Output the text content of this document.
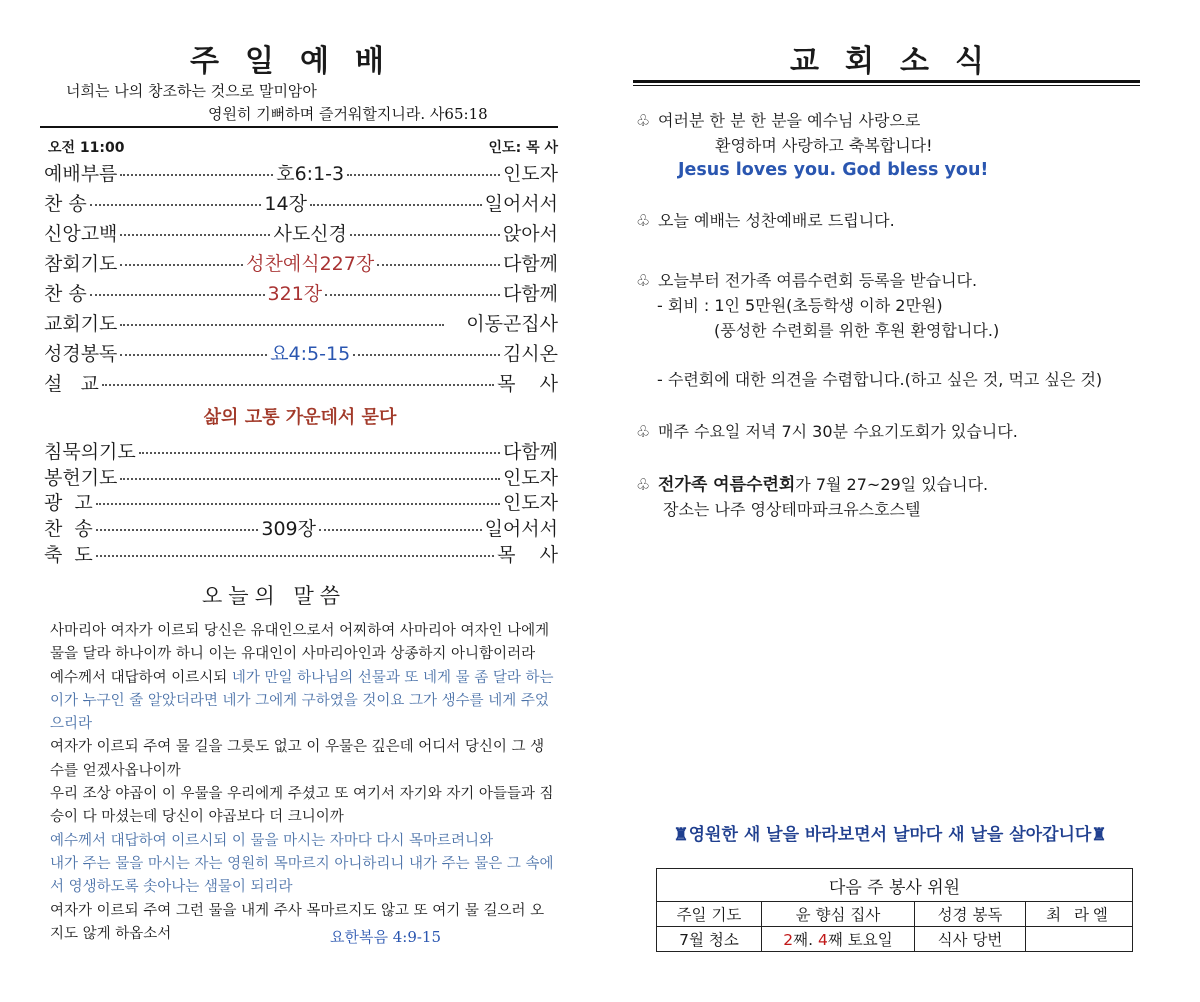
주일예배
너희는 나의 창조하는 것으로 말미암아
영원히 기뻐하며 즐거워할지니라. 사65:18
오전 11:00	인도: 목 사
예배부름	호6:1-3	인도자
찬 송	14장	일어서서
신앙고백	사도신경	앉아서
참회기도	성찬예식227장	다함께
찬 송	321장	다함께
교회기도	이동곤집사
성경봉독	요4:5-15	김시온
설   교	목    사
삶의 고통 가운데서 묻다
침묵의기도	다함께
봉헌기도	인도자
광  고	인도자
찬  송	309장	일어서서
축  도	목    사
오늘의 말씀
사마리아 여자가 이르되 당신은 유대인으로서 어찌하여 사마리아 여자인 나에게 물을 달라 하나이까 하니 이는 유대인이 사마리아인과 상종하지 아니함이러라
예수께서 대답하여 이르시되 네가 만일 하나님의 선물과 또 네게 물 좀 달라 하는 이가 누구인 줄 알았더라면 네가 그에게 구하였을 것이요 그가 생수를 네게 주었으리라
여자가 이르되 주여 물 길을 그릇도 없고 이 우물은 깊은데 어디서 당신이 그 생수를 얻겠사옵나이까
우리 조상 야곱이 이 우물을 우리에게 주셨고 또 여기서 자기와 자기 아들들과 짐승이 다 마셨는데 당신이 야곱보다 더 크니이까
예수께서 대답하여 이르시되 이 물을 마시는 자마다 다시 목마르려니와
내가 주는 물을 마시는 자는 영원히 목마르지 아니하리니 내가 주는 물은 그 속에서 영생하도록 솟아나는 샘물이 되리라
여자가 이르되 주여 그런 물을 내게 주사 목마르지도 않고 또 여기 물 길으러 오지도 않게 하옵소서	요한복음 4:9-15
교회소식
♧ 여러분 한 분 한 분을 예수님 사랑으로
환영하며 사랑하고 축복합니다!
Jesus loves you. God bless you!
♧ 오늘 예배는 성찬예배로 드립니다.
♧ 오늘부터 전가족 여름수련회 등록을 받습니다.
- 회비 : 1인 5만원(초등학생 이하 2만원)
(풍성한 수련회를 위한 후원 환영합니다.)
- 수련회에 대한 의견을 수렴합니다.(하고 싶은 것, 먹고 싶은 것)
♧ 매주 수요일 저녁 7시 30분 수요기도회가 있습니다.
♧ 전가족 여름수련회가 7월 27~29일 있습니다.
장소는 나주 영상테마파크유스호스텔
♜영원한 새 날을 바라보면서 날마다 새 날을 살아갑니다♜
다음 주 봉사 위원			
주일 기도	윤 향심 집사	성경 봉독	최 라엘
7월 청소	2째. 4째 토요일	식사 당번	
